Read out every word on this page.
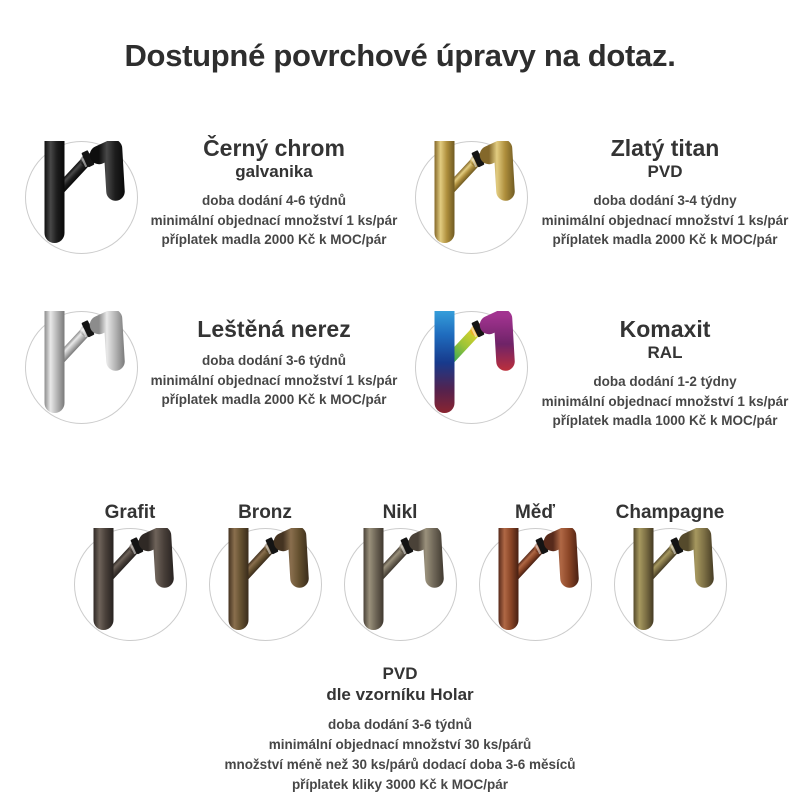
Dostupné povrchové úpravy na dotaz.
Černý chrom
galvanika
doba dodání 4-6 týdnů
minimální objednací množství 1 ks/pár
příplatek madla 2000 Kč k MOC/pár
Zlatý titan
PVD
doba dodání 3-4 týdny
minimální objednací množství 1 ks/pár
příplatek madla 2000 Kč k MOC/pár
Leštěná nerez
doba dodání 3-6 týdnů
minimální objednací množství 1 ks/pár
příplatek madla 2000 Kč k MOC/pár
Komaxit
RAL
doba dodání 1-2 týdny
minimální objednací množství 1 ks/pár
příplatek madla 1000 Kč k MOC/pár
Grafit	Bronz	Nikl	Měď	Champagne
PVD
dle vzorníku Holar
doba dodání 3-6 týdnů
minimální objednací množství 30 ks/párů
množství méně než 30 ks/párů dodací doba 3-6 měsíců
příplatek kliky 3000 Kč k MOC/pár
